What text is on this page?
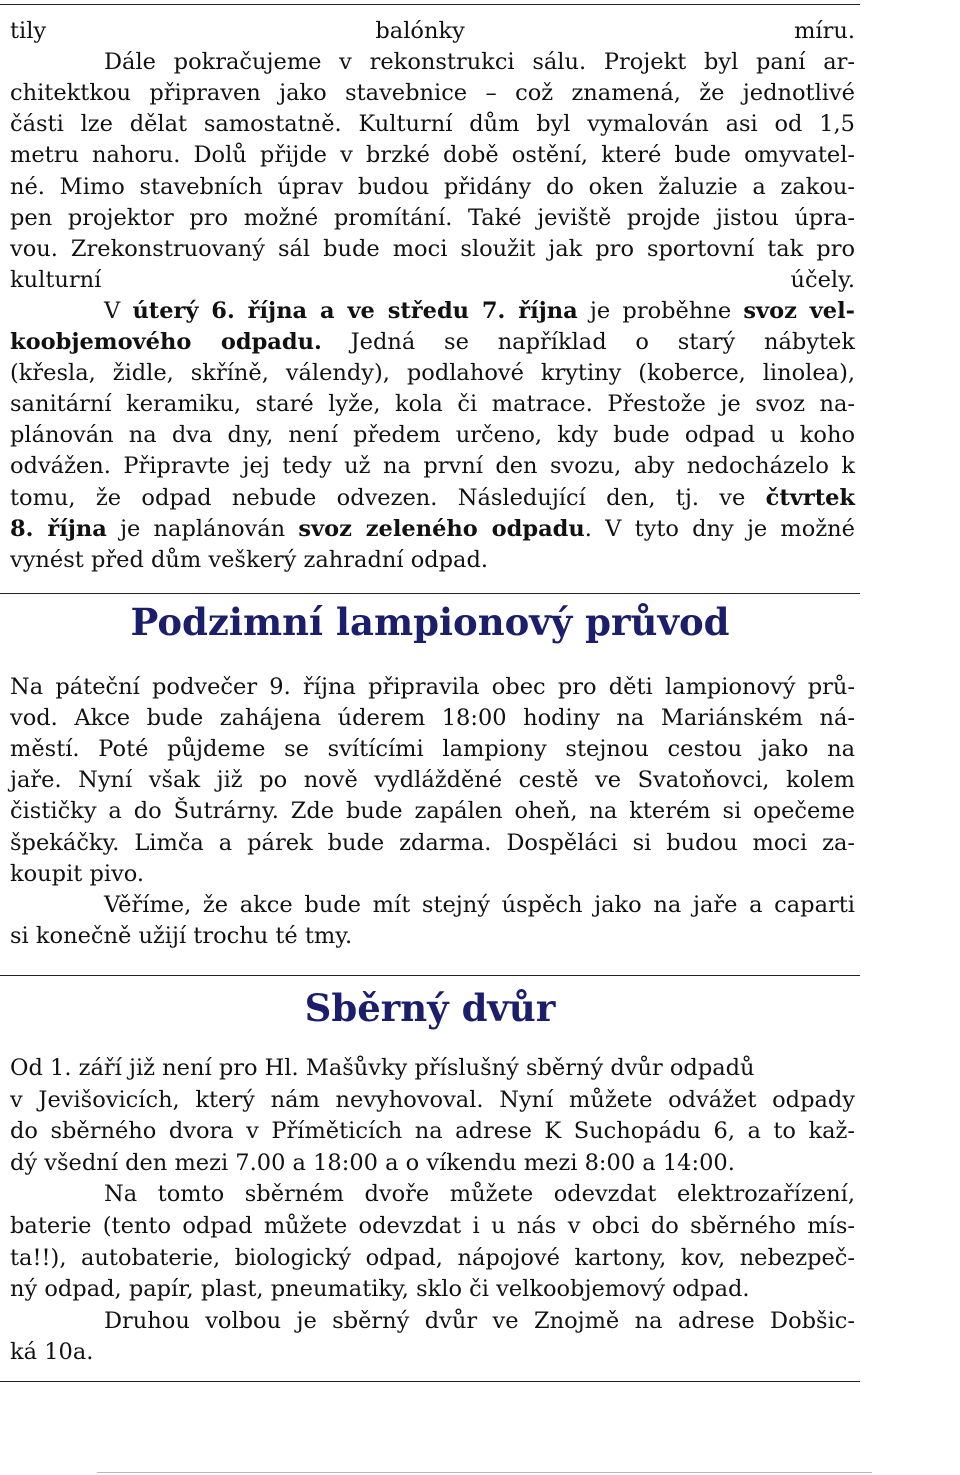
tily balónky míru.
Dále pokračujeme v rekonstrukci sálu. Projekt byl paní ar-
chitektkou připraven jako stavebnice – což znamená, že jednotlivé
části lze dělat samostatně. Kulturní dům byl vymalován asi od 1,5
metru nahoru. Dolů přijde v brzké době ostění, které bude omyvatel-
né. Mimo stavebních úprav budou přidány do oken žaluzie a zakou-
pen projektor pro možné promítání. Také jeviště projde jistou úpra-
vou. Zrekonstruovaný sál bude moci sloužit jak pro sportovní tak pro
kulturní účely.
V úterý 6. října a ve středu 7. října je proběhne svoz vel-
koobjemového odpadu. Jedná se například o starý nábytek
(křesla, židle, skříně, válendy), podlahové krytiny (koberce, linolea),
sanitární keramiku, staré lyže, kola či matrace. Přestože je svoz na-
plánován na dva dny, není předem určeno, kdy bude odpad u koho
odvážen. Připravte jej tedy už na první den svozu, aby nedocházelo k
tomu, že odpad nebude odvezen. Následující den, tj. ve čtvrtek
8. října je naplánován svoz zeleného odpadu. V tyto dny je možné
vynést před dům veškerý zahradní odpad.
Podzimní lampionový průvod
Na páteční podvečer 9. října připravila obec pro děti lampionový prů-
vod. Akce bude zahájena úderem 18:00 hodiny na Mariánském ná-
městí. Poté půjdeme se svítícími lampiony stejnou cestou jako na
jaře. Nyní však již po nově vydlážděné cestě ve Svatoňovci, kolem
čističky a do Šutrárny. Zde bude zapálen oheň, na kterém si opečeme
špekáčky. Limča a párek bude zdarma. Dospěláci si budou moci za-
koupit pivo.
Věříme, že akce bude mít stejný úspěch jako na jaře a caparti
si konečně užijí trochu té tmy.
Sběrný dvůr
Od 1. září již není pro Hl. Mašůvky příslušný sběrný dvůr odpadů
v Jevišovicích, který nám nevyhovoval. Nyní můžete odvážet odpady
do sběrného dvora v Příměticích na adrese K Suchopádu 6, a to kaž-
dý všední den mezi 7.00 a 18:00 a o víkendu mezi 8:00 a 14:00.
Na tomto sběrném dvoře můžete odevzdat elektrozařízení,
baterie (tento odpad můžete odevzdat i u nás v obci do sběrného mís-
ta!!), autobaterie, biologický odpad, nápojové kartony, kov, nebezpeč-
ný odpad, papír, plast, pneumatiky, sklo či velkoobjemový odpad.
Druhou volbou je sběrný dvůr ve Znojmě na adrese Dobšic-
ká 10a.
